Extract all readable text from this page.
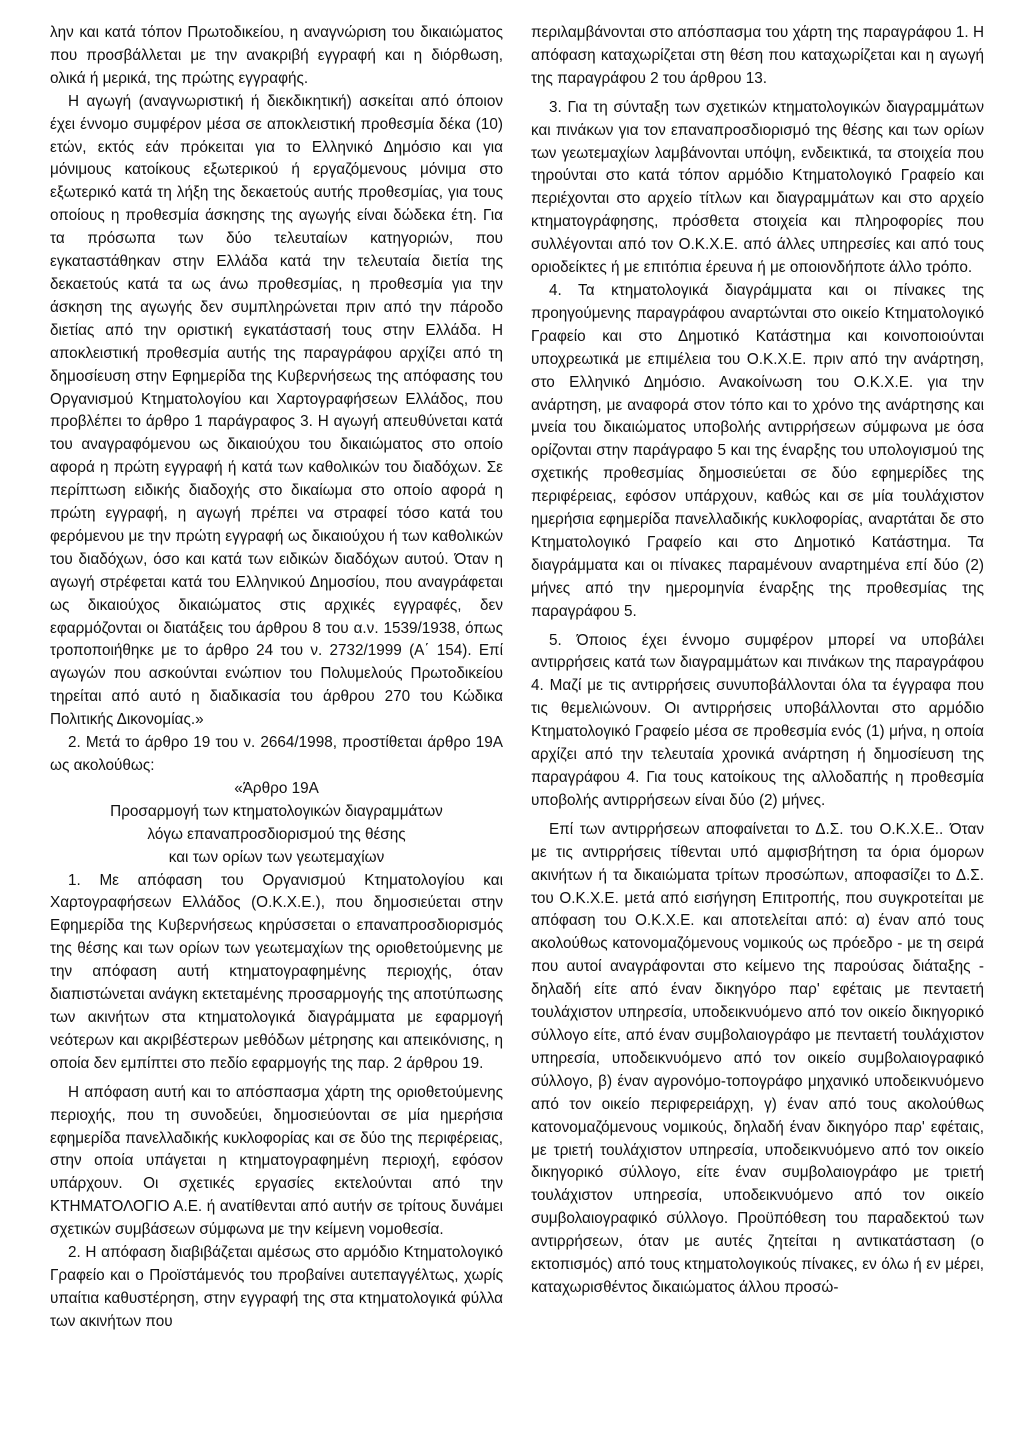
λην και κατά τόπον Πρωτοδικείου, η αναγνώριση του δικαιώματος που προσβάλλεται με την ανακριβή εγγραφή και η διόρθωση, ολικά ή μερικά, της πρώτης εγγραφής.

Η αγωγή (αναγνωριστική ή διεκδικητική) ασκείται από όποιον έχει έννομο συμφέρον μέσα σε αποκλειστική προθεσμία δέκα (10) ετών, εκτός εάν πρόκειται για το Ελληνικό Δημόσιο και για μόνιμους κατοίκους εξωτερικού ή εργαζόμενους μόνιμα στο εξωτερικό κατά τη λήξη της δεκαετούς αυτής προθεσμίας, για τους οποίους η προθεσμία άσκησης της αγωγής είναι δώδεκα έτη. Για τα πρόσωπα των δύο τελευταίων κατηγοριών, που εγκαταστάθηκαν στην Ελλάδα κατά την τελευταία διετία της δεκαετούς κατά τα ως άνω προθεσμίας, η προθεσμία για την άσκηση της αγωγής δεν συμπληρώνεται πριν από την πάροδο διετίας από την οριστική εγκατάστασή τους στην Ελλάδα. Η αποκλειστική προθεσμία αυτής της παραγράφου αρχίζει από τη δημοσίευση στην Εφημερίδα της Κυβερνήσεως της απόφασης του Οργανισμού Κτηματολογίου και Χαρτογραφήσεων Ελλάδος, που προβλέπει το άρθρο 1 παράγραφος 3. Η αγωγή απευθύνεται κατά του αναγραφόμενου ως δικαιούχου του δικαιώματος στο οποίο αφορά η πρώτη εγγραφή ή κατά των καθολικών του διαδόχων. Σε περίπτωση ειδικής διαδοχής στο δικαίωμα στο οποίο αφορά η πρώτη εγγραφή, η αγωγή πρέπει να στραφεί τόσο κατά του φερόμενου με την πρώτη εγγραφή ως δικαιούχου ή των καθολικών του διαδόχων, όσο και κατά των ειδικών διαδόχων αυτού. Όταν η αγωγή στρέφεται κατά του Ελληνικού Δημοσίου, που αναγράφεται ως δικαιούχος δικαιώματος στις αρχικές εγγραφές, δεν εφαρμόζονται οι διατάξεις του άρθρου 8 του α.ν. 1539/1938, όπως τροποποιήθηκε με το άρθρο 24 του ν. 2732/1999 (Α΄ 154). Επί αγωγών που ασκούνται ενώπιον του Πολυμελούς Πρωτοδικείου τηρείται από αυτό η διαδικασία του άρθρου 270 του Κώδικα Πολιτικής Δικονομίας.»

2. Μετά το άρθρο 19 του ν. 2664/1998, προστίθεται άρθρο 19Α ως ακολούθως:

«Άρθρο 19Α

Προσαρμογή των κτηματολογικών διαγραμμάτων

λόγω επαναπροσδιορισμού της θέσης

και των ορίων των γεωτεμαχίων

1. Με απόφαση του Οργανισμού Κτηματολογίου και Χαρτογραφήσεων Ελλάδος (Ο.Κ.Χ.Ε.), που δημοσιεύεται στην Εφημερίδα της Κυβερνήσεως κηρύσσεται ο επαναπροσδιορισμός της θέσης και των ορίων των γεωτεμαχίων της οριοθετούμενης με την απόφαση αυτή κτηματογραφημένης περιοχής, όταν διαπιστώνεται ανάγκη εκτεταμένης προσαρμογής της αποτύπωσης των ακινήτων στα κτηματολογικά διαγράμματα με εφαρμογή νεότερων και ακριβέστερων μεθόδων μέτρησης και απεικόνισης, η οποία δεν εμπίπτει στο πεδίο εφαρμογής της παρ. 2 άρθρου 19.

Η απόφαση αυτή και το απόσπασμα χάρτη της οριοθετούμενης περιοχής, που τη συνοδεύει, δημοσιεύονται σε μία ημερήσια εφημερίδα πανελλαδικής κυκλοφορίας και σε δύο της περιφέρειας, στην οποία υπάγεται η κτηματογραφημένη περιοχή, εφόσον υπάρχουν. Οι σχετικές εργασίες εκτελούνται από την ΚΤΗΜΑΤΟΛΟΓΙΟ Α.Ε. ή ανατίθενται από αυτήν σε τρίτους δυνάμει σχετικών συμβάσεων σύμφωνα με την κείμενη νομοθεσία.

2. Η απόφαση διαβιβάζεται αμέσως στο αρμόδιο Κτηματολογικό Γραφείο και ο Προϊστάμενός του προβαίνει αυτεπαγγέλτως, χωρίς υπαίτια καθυστέρηση, στην εγγραφή της στα κτηματολογικά φύλλα των ακινήτων που

περιλαμβάνονται στο απόσπασμα του χάρτη της παραγράφου 1. Η απόφαση καταχωρίζεται στη θέση που καταχωρίζεται και η αγωγή της παραγράφου 2 του άρθρου 13.

3. Για τη σύνταξη των σχετικών κτηματολογικών διαγραμμάτων και πινάκων για τον επαναπροσδιορισμό της θέσης και των ορίων των γεωτεμαχίων λαμβάνονται υπόψη, ενδεικτικά, τα στοιχεία που τηρούνται στο κατά τόπον αρμόδιο Κτηματολογικό Γραφείο και περιέχονται στο αρχείο τίτλων και διαγραμμάτων και στο αρχείο κτηματογράφησης, πρόσθετα στοιχεία και πληροφορίες που συλλέγονται από τον Ο.Κ.Χ.Ε. από άλλες υπηρεσίες και από τους οριοδείκτες ή με επιτόπια έρευνα ή με οποιονδήποτε άλλο τρόπο.

4. Τα κτηματολογικά διαγράμματα και οι πίνακες της προηγούμενης παραγράφου αναρτώνται στο οικείο Κτηματολογικό Γραφείο και στο Δημοτικό Κατάστημα και κοινοποιούνται υποχρεωτικά με επιμέλεια του Ο.Κ.Χ.Ε. πριν από την ανάρτηση, στο Ελληνικό Δημόσιο. Ανακοίνωση του Ο.Κ.Χ.Ε. για την ανάρτηση, με αναφορά στον τόπο και το χρόνο της ανάρτησης και μνεία του δικαιώματος υποβολής αντιρρήσεων σύμφωνα με όσα ορίζονται στην παράγραφο 5 και της έναρξης του υπολογισμού της σχετικής προθεσμίας δημοσιεύεται σε δύο εφημερίδες της περιφέρειας, εφόσον υπάρχουν, καθώς και σε μία τουλάχιστον ημερήσια εφημερίδα πανελλαδικής κυκλοφορίας, αναρτάται δε στο Κτηματολογικό Γραφείο και στο Δημοτικό Κατάστημα. Τα διαγράμματα και οι πίνακες παραμένουν αναρτημένα επί δύο (2) μήνες από την ημερομηνία έναρξης της προθεσμίας της παραγράφου 5.

5. Όποιος έχει έννομο συμφέρον μπορεί να υποβάλει αντιρρήσεις κατά των διαγραμμάτων και πινάκων της παραγράφου 4. Μαζί με τις αντιρρήσεις συνυποβάλλονται όλα τα έγγραφα που τις θεμελιώνουν. Οι αντιρρήσεις υποβάλλονται στο αρμόδιο Κτηματολογικό Γραφείο μέσα σε προθεσμία ενός (1) μήνα, η οποία αρχίζει από την τελευταία χρονικά ανάρτηση ή δημοσίευση της παραγράφου 4. Για τους κατοίκους της αλλοδαπής η προθεσμία υποβολής αντιρρήσεων είναι δύο (2) μήνες.

Επί των αντιρρήσεων αποφαίνεται το Δ.Σ. του Ο.Κ.Χ.Ε.. Όταν με τις αντιρρήσεις τίθενται υπό αμφισβήτηση τα όρια όμορων ακινήτων ή τα δικαιώματα τρίτων προσώπων, αποφασίζει το Δ.Σ. του Ο.Κ.Χ.Ε. μετά από εισήγηση Επιτροπής, που συγκροτείται με απόφαση του Ο.Κ.Χ.Ε. και αποτελείται από: α) έναν από τους ακολούθως κατονομαζόμενους νομικούς ως πρόεδρο - με τη σειρά που αυτοί αναγράφονται στο κείμενο της παρούσας διάταξης - δηλαδή είτε από έναν δικηγόρο παρ' εφέταις με πενταετή τουλάχιστον υπηρεσία, υποδεικνυόμενο από τον οικείο δικηγορικό σύλλογο είτε, από έναν συμβολαιογράφο με πενταετή τουλάχιστον υπηρεσία, υποδεικνυόμενο από τον οικείο συμβολαιογραφικό σύλλογο, β) έναν αγρονόμο-τοπογράφο μηχανικό υποδεικνυόμενο από τον οικείο περιφερειάρχη, γ) έναν από τους ακολούθως κατονομαζόμενους νομικούς, δηλαδή έναν δικηγόρο παρ' εφέταις, με τριετή τουλάχιστον υπηρεσία, υποδεικνυόμενο από τον οικείο δικηγορικό σύλλογο, είτε έναν συμβολαιογράφο με τριετή τουλάχιστον υπηρεσία, υποδεικνυόμενο από τον οικείο συμβολαιογραφικό σύλλογο. Προϋπόθεση του παραδεκτού των αντιρρήσεων, όταν με αυτές ζητείται η αντικατάσταση (ο εκτοπισμός) από τους κτηματολογικούς πίνακες, εν όλω ή εν μέρει, καταχωρισθέντος δικαιώματος άλλου προσώ-
